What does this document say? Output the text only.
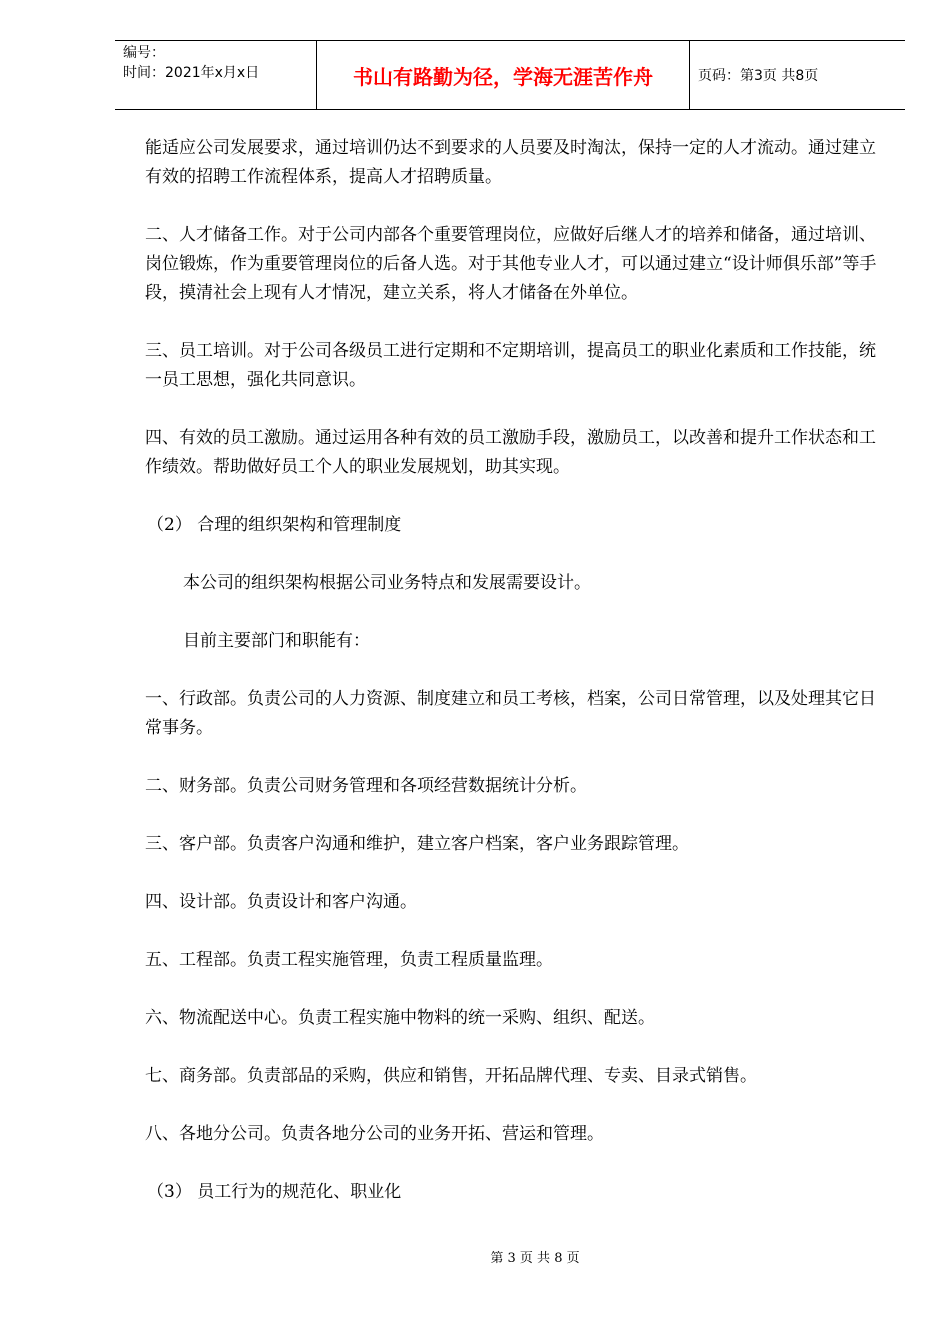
编号：
时间：2021年x月x日	书山有路勤为径，学海无涯苦作舟	页码：第3页 共8页

能适应公司发展要求，通过培训仍达不到要求的人员要及时淘汰，保持一定的人才流动。通过建立有效的招聘工作流程体系，提高人才招聘质量。

二、人才储备工作。对于公司内部各个重要管理岗位，应做好后继人才的培养和储备，通过培训、岗位锻炼，作为重要管理岗位的后备人选。对于其他专业人才，可以通过建立“设计师俱乐部”等手段，摸清社会上现有人才情况，建立关系，将人才储备在外单位。

三、员工培训。对于公司各级员工进行定期和不定期培训，提高员工的职业化素质和工作技能，统一员工思想，强化共同意识。

四、有效的员工激励。通过运用各种有效的员工激励手段，激励员工，以改善和提升工作状态和工作绩效。帮助做好员工个人的职业发展规划，助其实现。

（2） 合理的组织架构和管理制度

本公司的组织架构根据公司业务特点和发展需要设计。

目前主要部门和职能有：

一、行政部。负责公司的人力资源、制度建立和员工考核，档案，公司日常管理，以及处理其它日常事务。

二、财务部。负责公司财务管理和各项经营数据统计分析。

三、客户部。负责客户沟通和维护，建立客户档案，客户业务跟踪管理。

四、设计部。负责设计和客户沟通。

五、工程部。负责工程实施管理，负责工程质量监理。

六、物流配送中心。负责工程实施中物料的统一采购、组织、配送。

七、商务部。负责部品的采购，供应和销售，开拓品牌代理、专卖、目录式销售。

八、各地分公司。负责各地分公司的业务开拓、营运和管理。

（3） 员工行为的规范化、职业化

第 3 页 共 8 页
